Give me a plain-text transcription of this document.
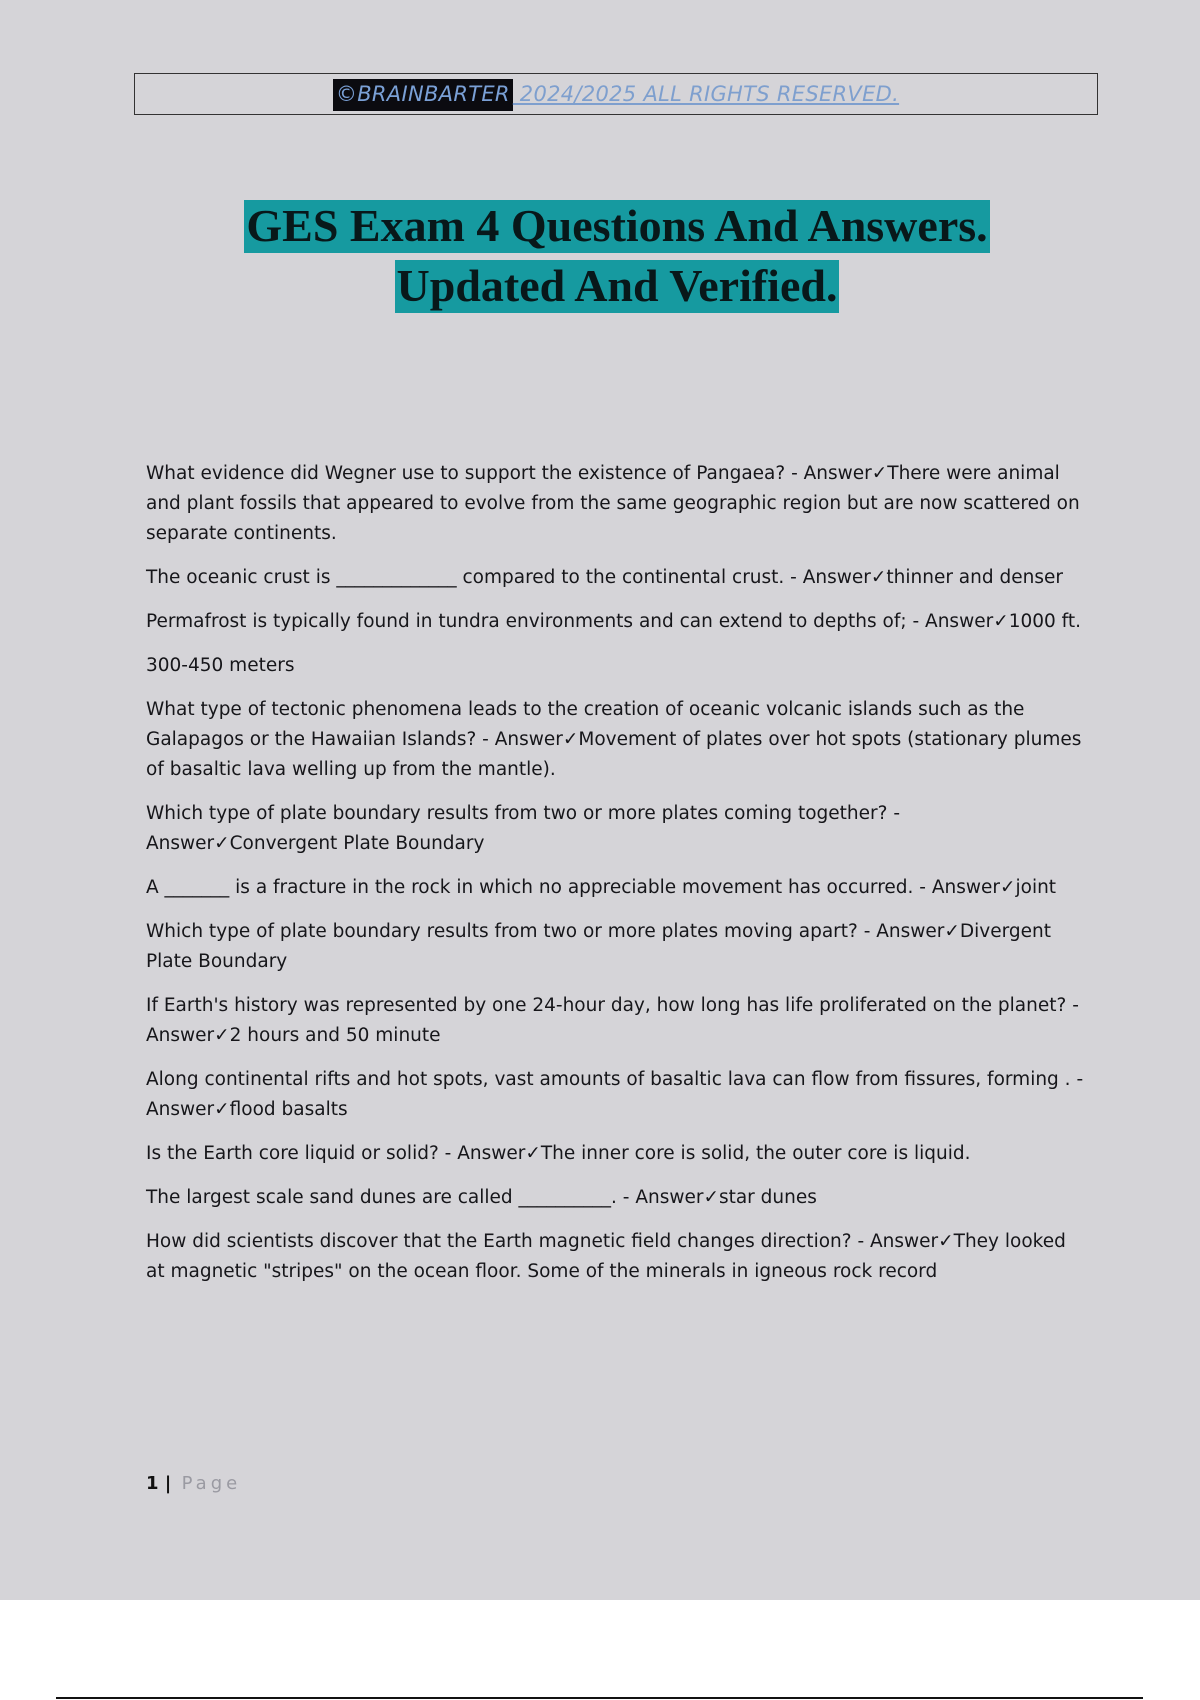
©BRAINBARTER 2024/2025 ALL RIGHTS RESERVED.
GES Exam 4 Questions And Answers.
Updated And Verified.

What evidence did Wegner use to support the existence of Pangaea? - Answer✓There were animal and plant fossils that appeared to evolve from the same geographic region but are now scattered on separate continents.

The oceanic crust is _____________ compared to the continental crust. - Answer✓thinner and denser

Permafrost is typically found in tundra environments and can extend to depths of; - Answer✓1000 ft.

300-450 meters

What type of tectonic phenomena leads to the creation of oceanic volcanic islands such as the Galapagos or the Hawaiian Islands? - Answer✓Movement of plates over hot spots (stationary plumes of basaltic lava welling up from the mantle).

Which type of plate boundary results from two or more plates coming together? - Answer✓Convergent Plate Boundary

A _______ is a fracture in the rock in which no appreciable movement has occurred. - Answer✓joint

Which type of plate boundary results from two or more plates moving apart? - Answer✓Divergent Plate Boundary

If Earth's history was represented by one 24-hour day, how long has life proliferated on the planet? - Answer✓2 hours and 50 minute

Along continental rifts and hot spots, vast amounts of basaltic lava can flow from fissures, forming . - Answer✓flood basalts

Is the Earth core liquid or solid? - Answer✓The inner core is solid, the outer core is liquid.

The largest scale sand dunes are called __________. - Answer✓star dunes

How did scientists discover that the Earth magnetic field changes direction? - Answer✓They looked at magnetic "stripes" on the ocean floor. Some of the minerals in igneous rock record

1 | Page
